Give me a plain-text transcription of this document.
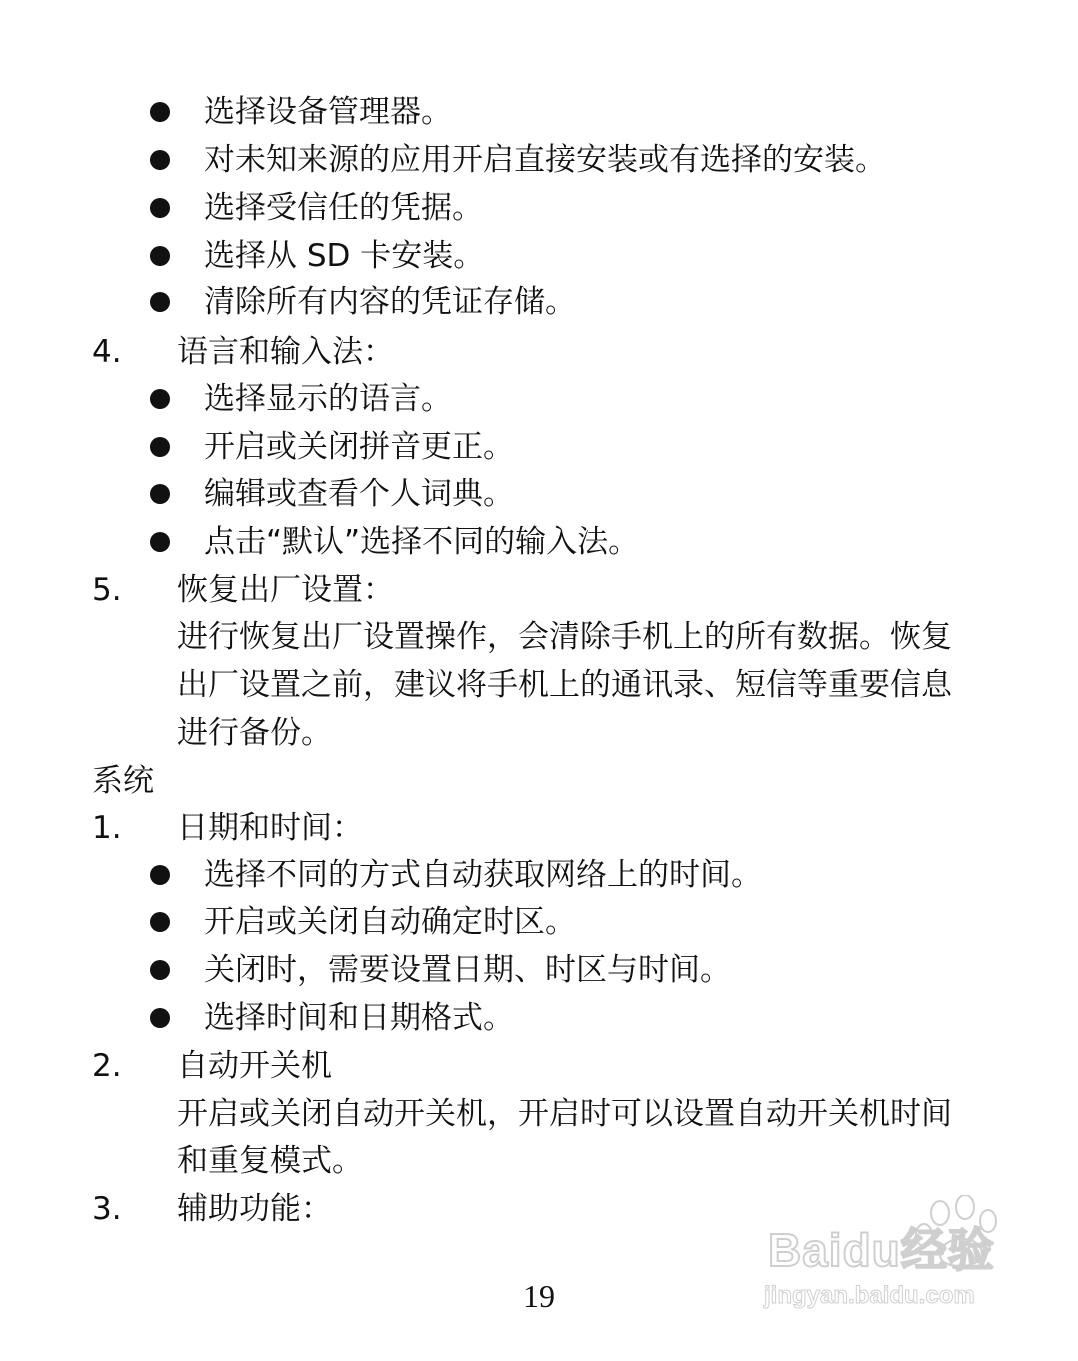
选择设备管理器。
对未知来源的应用开启直接安装或有选择的安装。
选择受信任的凭据。
选择从 SD 卡安装。
清除所有内容的凭证存储。
4. 语言和输入法：
选择显示的语言。
开启或关闭拼音更正。
编辑或查看个人词典。
点击“默认”选择不同的输入法。
5. 恢复出厂设置：
进行恢复出厂设置操作，会清除手机上的所有数据。恢复
出厂设置之前，建议将手机上的通讯录、短信等重要信息
进行备份。
系统
1. 日期和时间：
选择不同的方式自动获取网络上的时间。
开启或关闭自动确定时区。
关闭时，需要设置日期、时区与时间。
选择时间和日期格式。
2. 自动开关机
开启或关闭自动开关机，开启时可以设置自动开关机时间
和重复模式。
3. 辅助功能：
Baidu经验
jingyan.baidu.com
19
